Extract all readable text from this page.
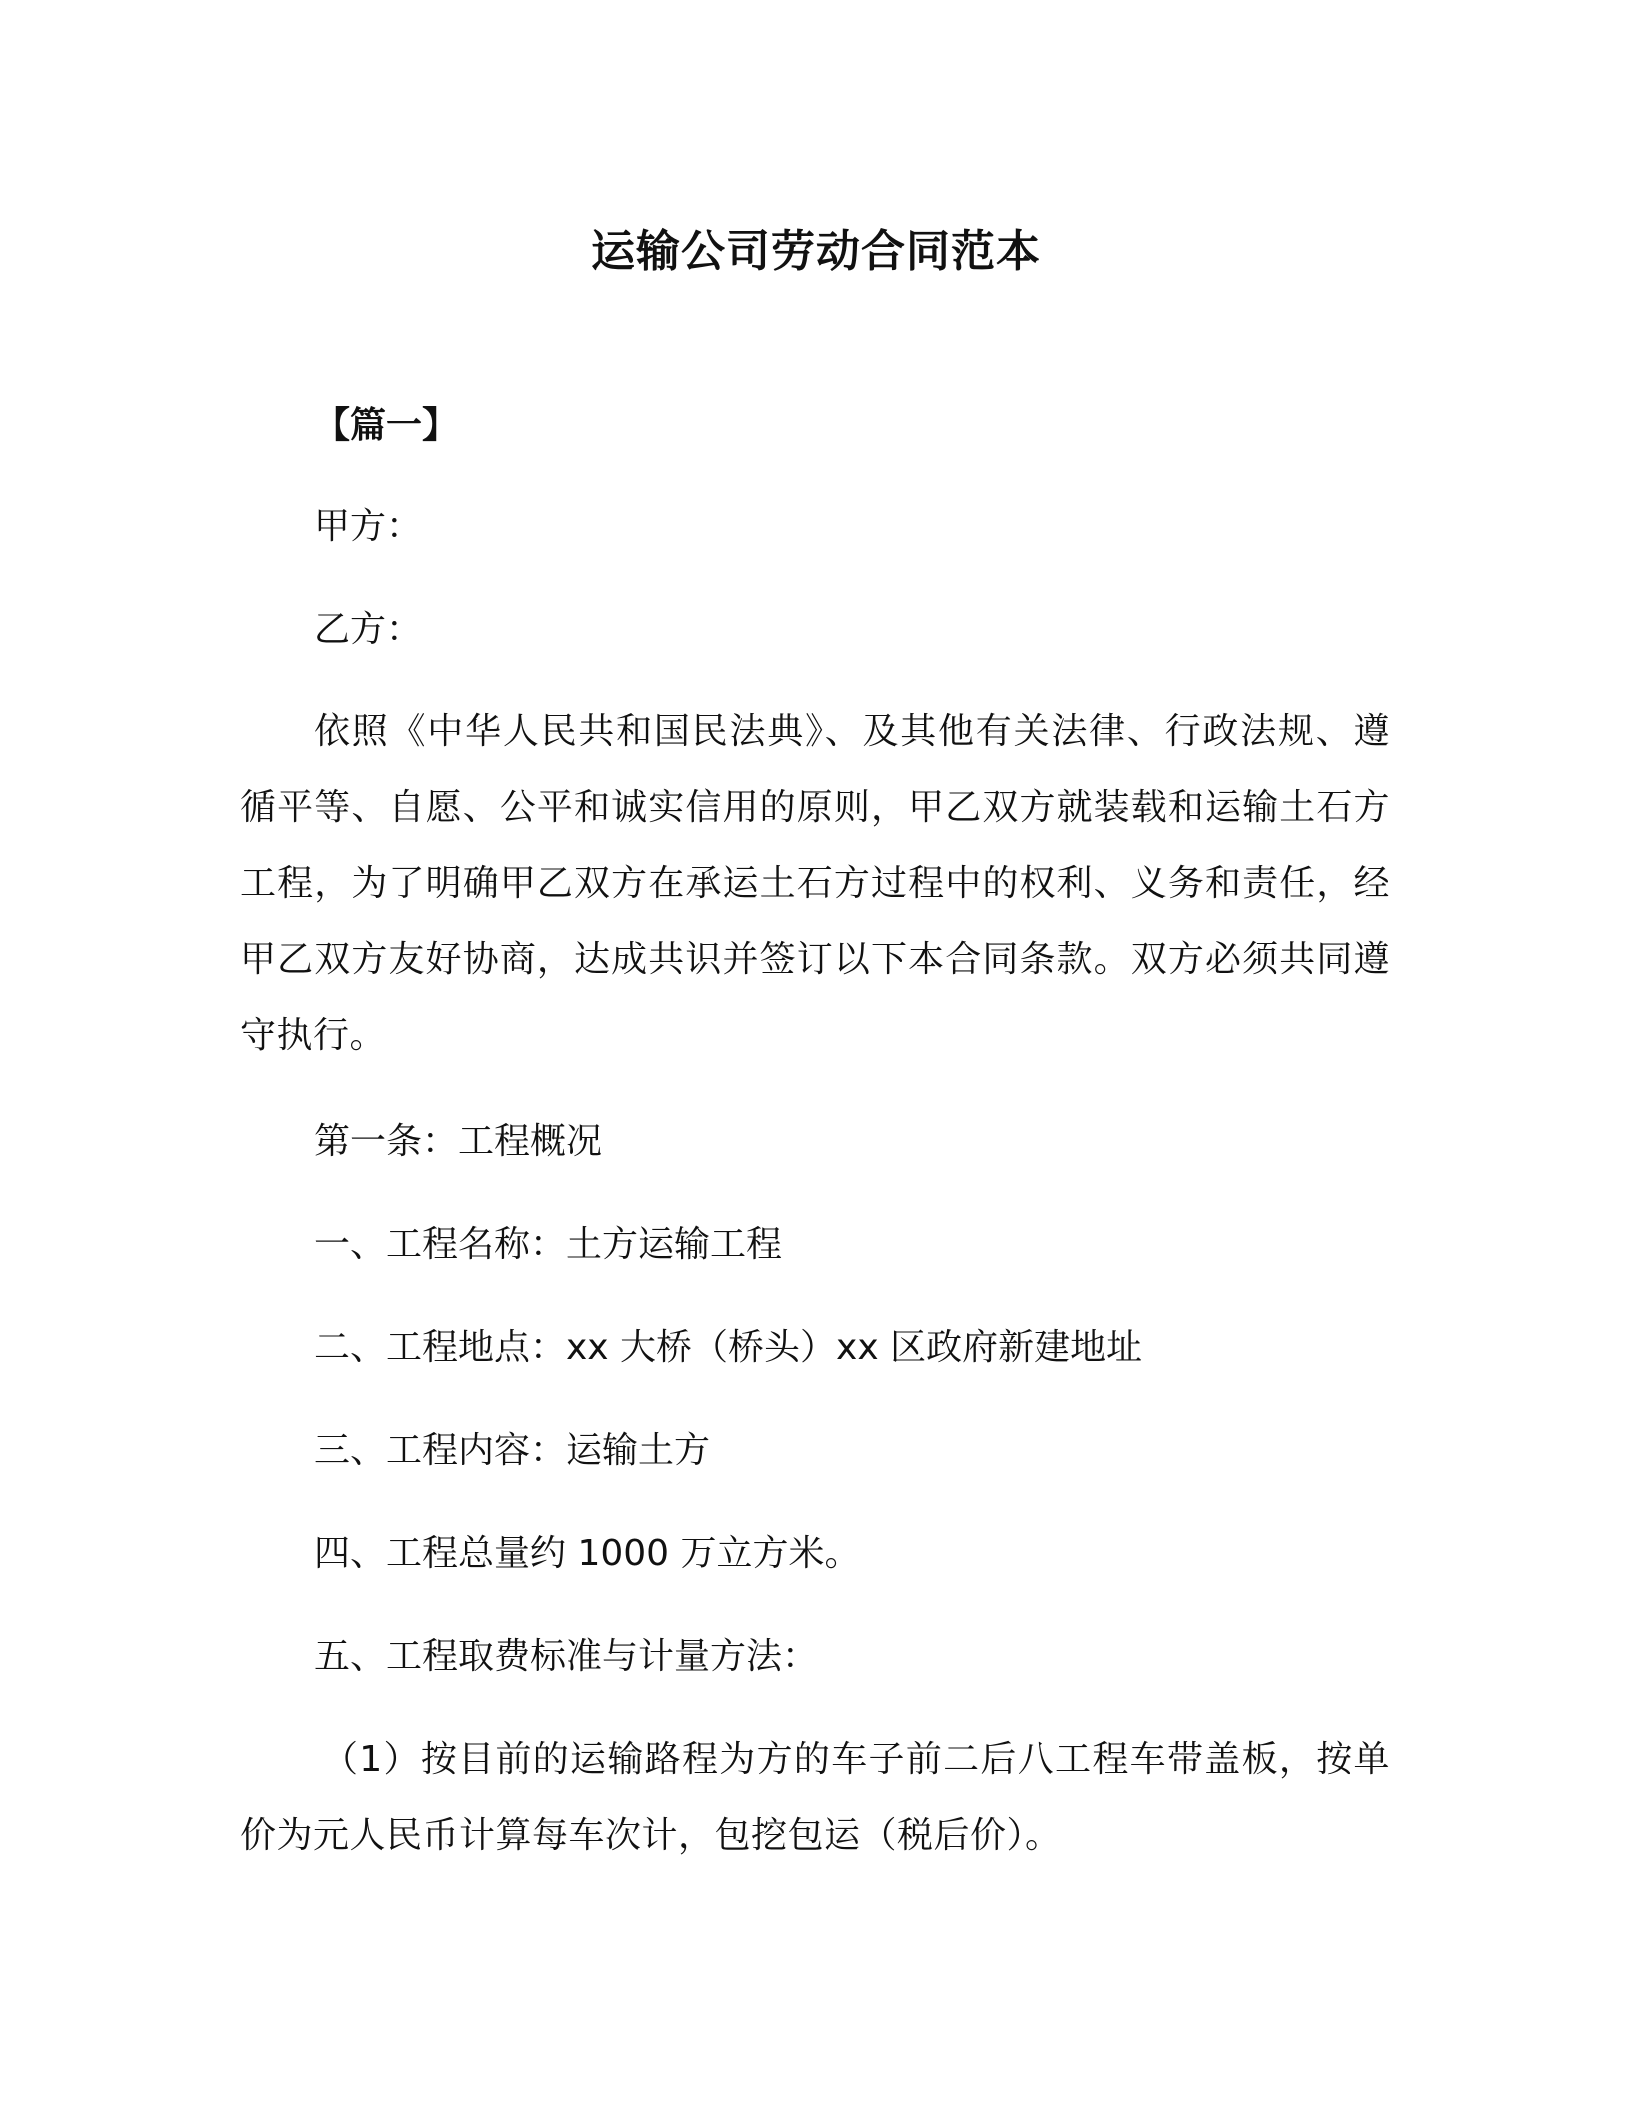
运输公司劳动合同范本
【篇一】
甲方：
乙方：
依照《中华人民共和国民法典》、及其他有关法律、行政法规、遵循平等、自愿、公平和诚实信用的原则，甲乙双方就装载和运输土石方工程，为了明确甲乙双方在承运土石方过程中的权利、义务和责任，经甲乙双方友好协商，达成共识并签订以下本合同条款。双方必须共同遵守执行。
第一条：工程概况
一、工程名称：土方运输工程
二、工程地点：xx 大桥（桥头）xx 区政府新建地址
三、工程内容：运输土方
四、工程总量约 1000 万立方米。
五、工程取费标准与计量方法：
（1）按目前的运输路程为方的车子前二后八工程车带盖板，按单价为元人民币计算每车次计，包挖包运（税后价）。
